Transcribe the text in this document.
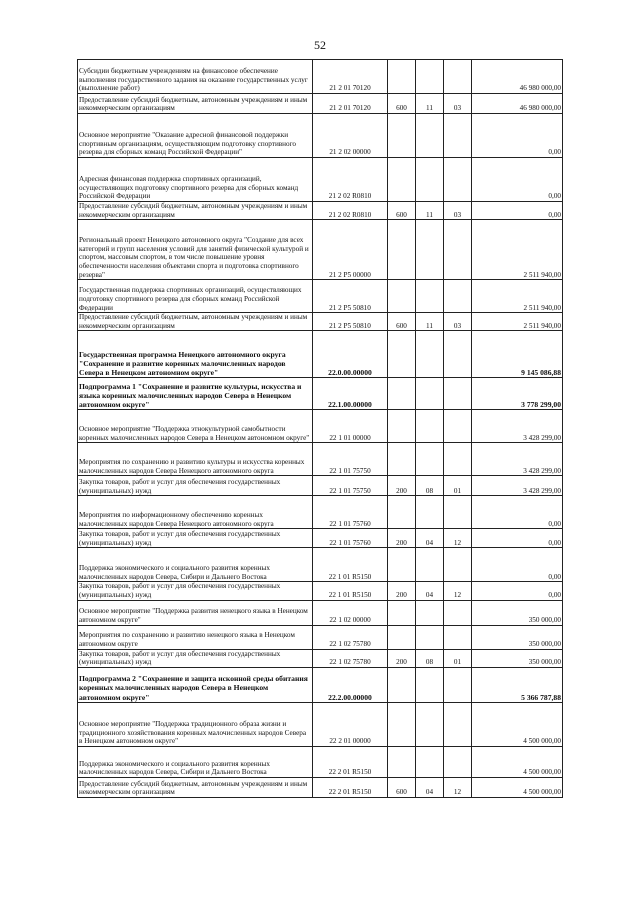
52
Субсидии бюджетным учреждениям на финансовое обеспечение выполнения государственного задания на оказание государственных услуг (выполнение работ)	21 2 01 70120				46 980 000,00
Предоставление субсидий бюджетным, автономным учреждениям и иным некоммерческим организациям	21 2 01 70120	600	11	03	46 980 000,00
Основное мероприятие "Оказание адресной финансовой поддержки спортивным организациям, осуществляющим подготовку спортивного резерва для сборных команд Российской Федерации"	21 2 02 00000				0,00
Адресная финансовая поддержка спортивных организаций, осуществляющих подготовку спортивного резерва для сборных команд Российской Федерации	21 2 02 R0810				0,00
Предоставление субсидий бюджетным, автономным учреждениям и иным некоммерческим организациям	21 2 02 R0810	600	11	03	0,00
Региональный проект Ненецкого автономного округа "Создание для всех категорий и групп населения условий для занятий физической культурой и спортом, массовым спортом, в том числе повышение уровня обеспеченности населения объектами спорта и подготовка спортивного резерва"	21 2 P5 00000				2 511 940,00
Государственная поддержка спортивных организаций, осуществляющих подготовку спортивного резерва для сборных команд Российской Федерации	21 2 P5 50810				2 511 940,00
Предоставление субсидий бюджетным, автономным учреждениям и иным некоммерческим организациям	21 2 P5 50810	600	11	03	2 511 940,00
Государственная программа Ненецкого автономного округа "Сохранение и развитие коренных малочисленных народов Севера в Ненецком автономном округе"	22.0.00.00000				9 145 086,88
Подпрограмма 1 "Сохранение и развитие культуры, искусства и языка коренных малочисленных народов Севера в Ненецком автономном округе"	22.1.00.00000				3 778 299,00
Основное мероприятие "Поддержка этнокультурной самобытности коренных малочисленных народов Севера в Ненецком автономном округе"	22 1 01 00000				3 428 299,00
Мероприятия по сохранению и развитию культуры и искусства коренных малочисленных народов Севера Ненецкого автономного округа	22 1 01 75750				3 428 299,00
Закупка товаров, работ и услуг для обеспечения государственных (муниципальных) нужд	22 1 01 75750	200	08	01	3 428 299,00
Мероприятия по информационному обеспечению коренных малочисленных народов Севера Ненецкого автономного округа	22 1 01 75760				0,00
Закупка товаров, работ и услуг для обеспечения государственных (муниципальных) нужд	22 1 01 75760	200	04	12	0,00
Поддержка экономического и социального развития коренных малочисленных народов Севера, Сибири и Дальнего Востока	22 1 01 R5150				0,00
Закупка товаров, работ и услуг для обеспечения государственных (муниципальных) нужд	22 1 01 R5150	200	04	12	0,00
Основное мероприятие "Поддержка развития ненецкого языка в Ненецком автономном округе"	22 1 02 00000				350 000,00
Мероприятия по сохранению и развитию ненецкого языка в Ненецком автономном округе	22 1 02 75780				350 000,00
Закупка товаров, работ и услуг для обеспечения государственных (муниципальных) нужд	22 1 02 75780	200	08	01	350 000,00
Подпрограмма 2 "Сохранение и защита исконной среды обитания коренных малочисленных народов Севера в Ненецком автономном округе"	22.2.00.00000				5 366 787,88
Основное мероприятие "Поддержка традиционного образа жизни и традиционного хозяйствования коренных малочисленных народов Севера в Ненецком автономном округе"	22 2 01 00000				4 500 000,00
Поддержка экономического и социального развития коренных малочисленных народов Севера, Сибири и Дальнего Востока	22 2 01 R5150				4 500 000,00
Предоставление субсидий бюджетным, автономным учреждениям и иным некоммерческим организациям	22 2 01 R5150	600	04	12	4 500 000,00
